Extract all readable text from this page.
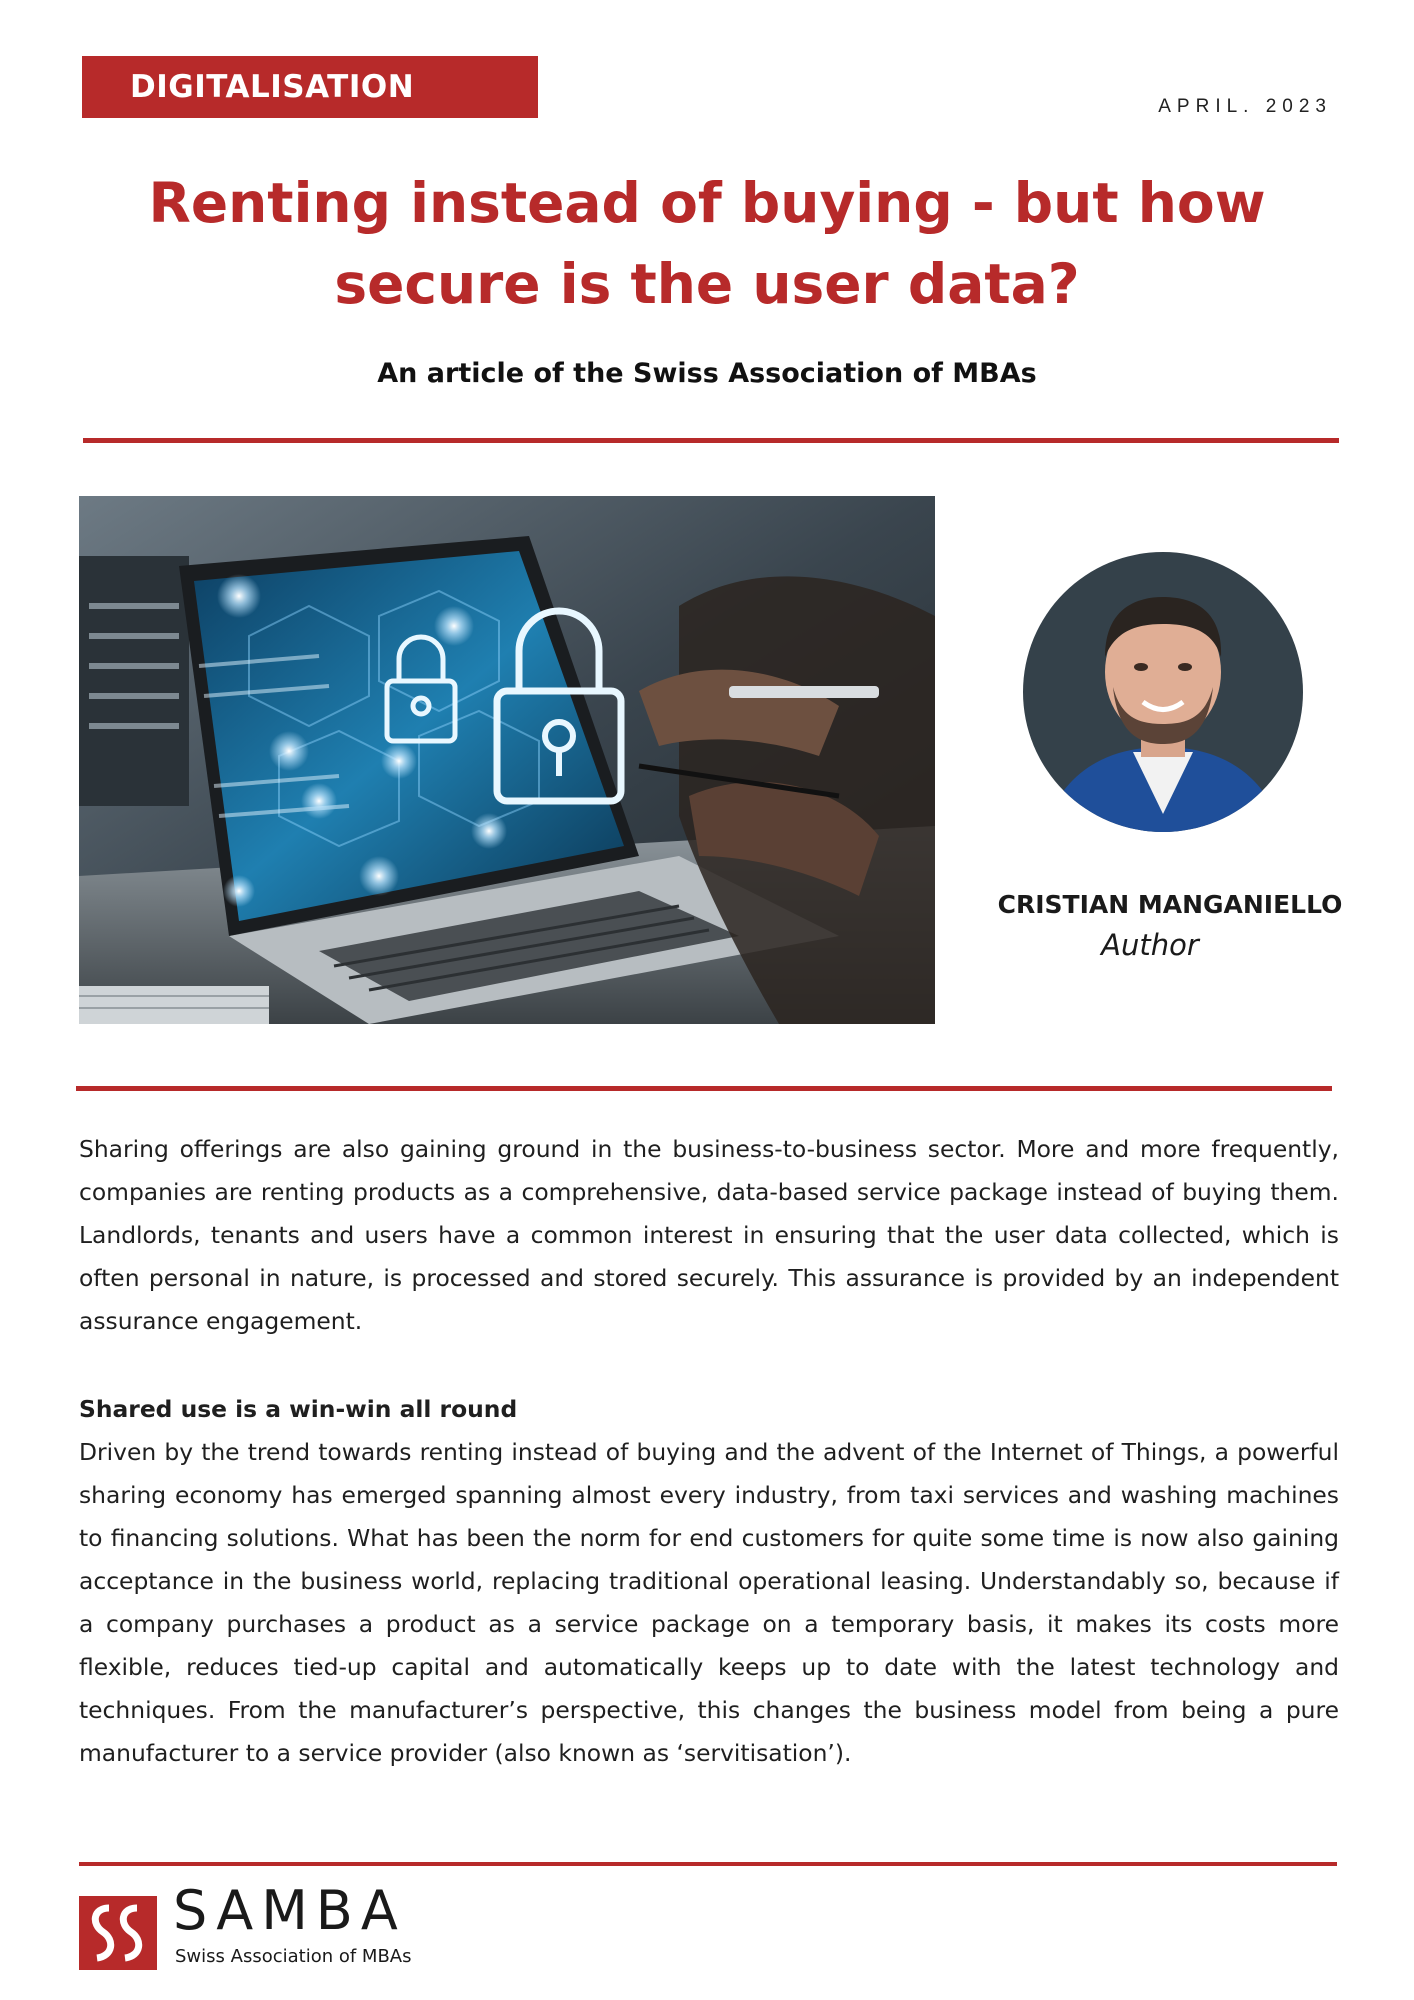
DIGITALISATION
APRIL. 2023
Renting instead of buying - but how
secure is the user data?
An article of the Swiss Association of MBAs

CRISTIAN MANGANIELLO

Author

Sharing offerings are also gaining ground in the business-to-business sector. More and more frequently, companies are renting products as a comprehensive, data-based service package instead of buying them. Landlords, tenants and users have a common interest in ensuring that the user data collected, which is often personal in nature, is processed and stored securely. This assurance is provided by an independent assurance engagement.

Shared use is a win-win all round

Driven by the trend towards renting instead of buying and the advent of the Internet of Things, a powerful sharing economy has emerged spanning almost every industry, from taxi services and washing machines to financing solutions. What has been the norm for end customers for quite some time is now also gaining acceptance in the business world, replacing traditional operational leasing. Understandably so, because if a company purchases a product as a service package on a temporary basis, it makes its costs more flexible, reduces tied-up capital and automatically keeps up to date with the latest technology and techniques. From the manufacturer’s perspective, this changes the business model from being a pure manufacturer to a service provider (also known as ‘servitisation’).

SAMBA
Swiss Association of MBAs
